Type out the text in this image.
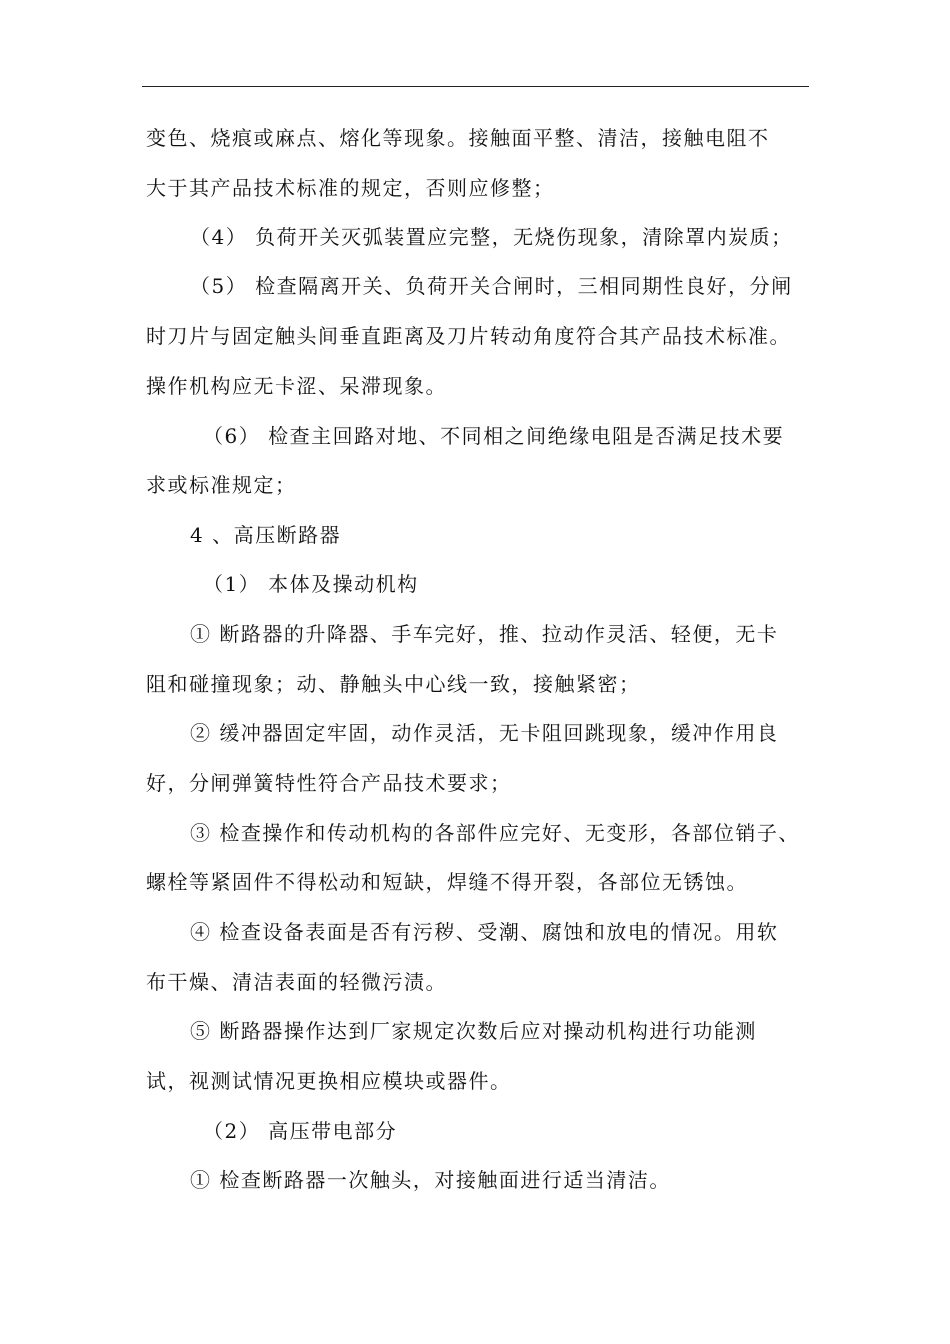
变色、烧痕或麻点、熔化等现象。接触面平整、清洁，接触电阻不
大于其产品技术标准的规定，否则应修整；
（4） 负荷开关灭弧装置应完整，无烧伤现象，清除罩内炭质；
（5） 检查隔离开关、负荷开关合闸时，三相同期性良好，分闸
时刀片与固定触头间垂直距离及刀片转动角度符合其产品技术标准。
操作机构应无卡涩、呆滞现象。
（6） 检查主回路对地、不同相之间绝缘电阻是否满足技术要
求或标准规定；
4 、高压断路器
（1） 本体及操动机构
① 断路器的升降器、手车完好，推、拉动作灵活、轻便，无卡
阻和碰撞现象；动、静触头中心线一致，接触紧密；
② 缓冲器固定牢固，动作灵活，无卡阻回跳现象，缓冲作用良
好，分闸弹簧特性符合产品技术要求；
③ 检查操作和传动机构的各部件应完好、无变形，各部位销子、
螺栓等紧固件不得松动和短缺，焊缝不得开裂，各部位无锈蚀。
④ 检查设备表面是否有污秽、受潮、腐蚀和放电的情况。用软
布干燥、清洁表面的轻微污渍。
⑤ 断路器操作达到厂家规定次数后应对操动机构进行功能测
试，视测试情况更换相应模块或器件。
（2） 高压带电部分
① 检查断路器一次触头，对接触面进行适当清洁。
